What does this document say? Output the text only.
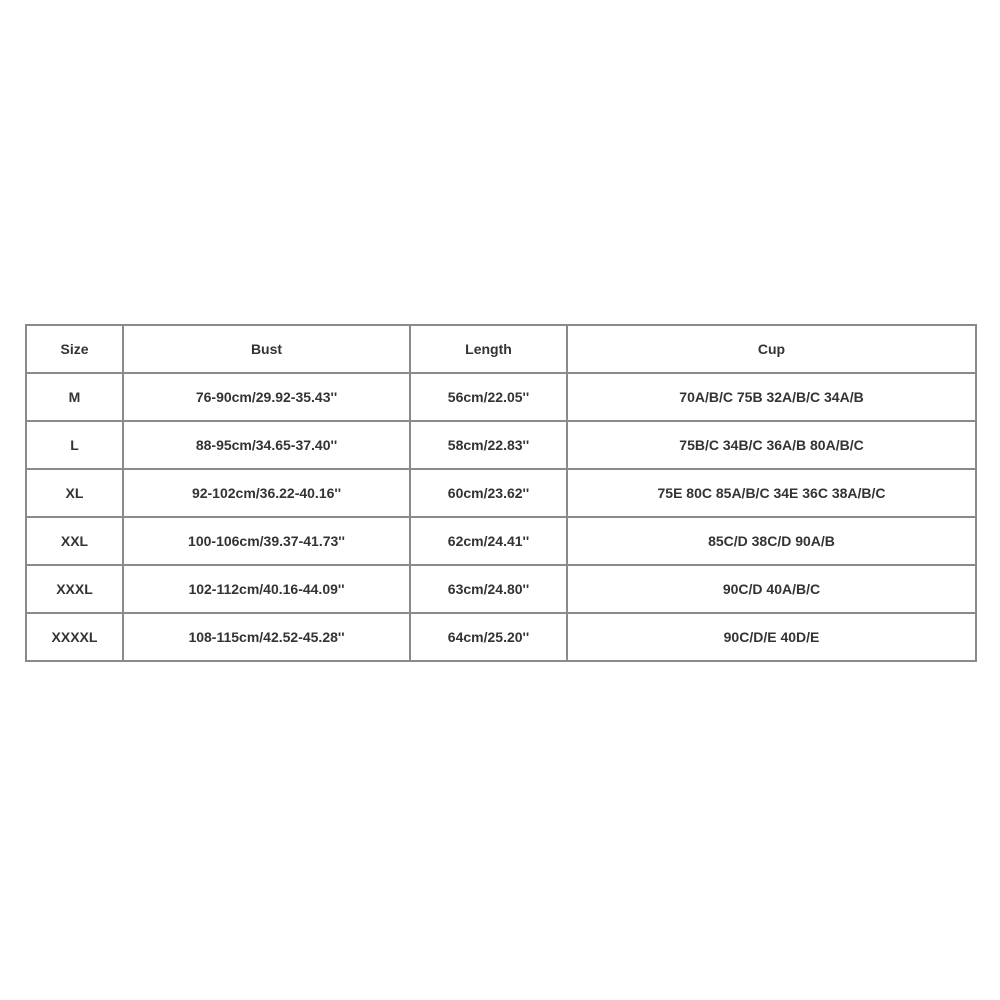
Size	Bust	Length	Cup
M	76-90cm/29.92-35.43''	56cm/22.05''	70A/B/C 75B 32A/B/C 34A/B
L	88-95cm/34.65-37.40''	58cm/22.83''	75B/C 34B/C 36A/B 80A/B/C
XL	92-102cm/36.22-40.16''	60cm/23.62''	75E 80C 85A/B/C 34E 36C 38A/B/C
XXL	100-106cm/39.37-41.73''	62cm/24.41''	85C/D 38C/D 90A/B
XXXL	102-112cm/40.16-44.09''	63cm/24.80''	90C/D 40A/B/C
XXXXL	108-115cm/42.52-45.28''	64cm/25.20''	90C/D/E 40D/E
